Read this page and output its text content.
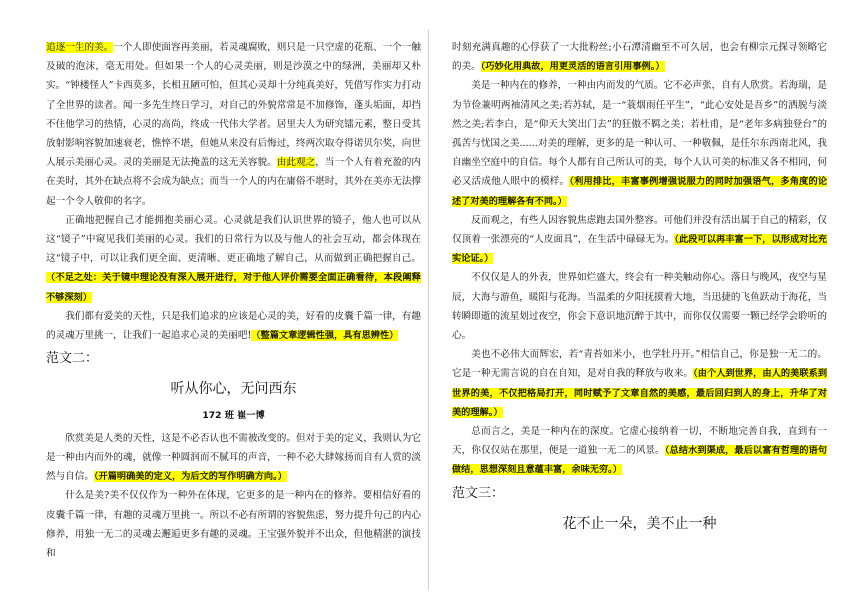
追逐一生的美。一个人即使面容再美丽，若灵魂腐败，则只是一只空虚的花瓶、一个一触及破的泡沫，毫无用处。但如果一个人的心灵美丽，则是沙漠之中的绿洲，美丽却又朴实。“钟楼怪人”卡西莫多，长相丑陋可怕，但其心灵却十分纯真美好，凭借写作实力打动了全世界的读者。闻一多先生终日学习，对自己的外貌常常是不加修饰，蓬头垢面，却挡不住他学习的热情，心灵的高尚，终成一代伟大学者。居里夫人为研究镭元素，整日受其放射影响容貌加速衰老，憔悴不堪，但她从来没有后悔过，终两次取夺得诺贝尔奖，向世人展示美丽心灵。灵的美丽是无法掩盖的这无关容貌。由此观之，当一个人有着充盈的内在美时，其外在缺点将不会成为缺点；而当一个人的内在庸俗不堪时，其外在美亦无法撑起一个令人敬仰的名字。

正确地把握自己才能拥抱美丽心灵。心灵就是我们认识世界的镜子，他人也可以从这“镜子”中窥见我们美丽的心灵。我们的日常行为以及与他人的社会互动，都会体现在这“镜子中，可以让我们更全面、更清晰、更正确地了解自己，从而做到正确把握自己。（不足之处：关于镜中理论没有深入展开进行，对于他人评价需要全面正确看待，本段阐释不够深刻）

我们都有爱美的天性，只是我们追求的应该是心灵的美，好看的皮囊千篇一律，有趣的灵魂万里挑一，让我们一起追求心灵的美丽吧!（整篇文章逻辑性强，具有思辨性）

范文二：
听从你心，无问西东
172 班 崔一博

欣赏美是人类的天性，这是不必否认也不需被改变的。但对于美的定义，我则认为它是一种由内而外的魂，就像一种圆润而不腻耳的声音，一种不必大肆嫁扬而自有人赏的淡然与自信。（开篇明确美的定义，为后文的写作明确方向。）

什么是美?美不仅仅作为一种外在体现，它更多的是一种内在的修养。要相信好看的皮囊千篇一律，有趣的灵魂万里挑一。所以不必有所谓的容貌焦虑，努力提升句己的内心修养，用独一无二的灵魂去邂逅更多有趣的灵魂。王宝强外貌并不出众，但他精湛的演技和

时刻充满真趣的心俘获了一大批粉丝;小石潭清幽至不可久居，也会有柳宗元探寻领略它的美。（巧妙化用典故，用更灵活的语言引用事例。）

美是一种内在的修养，一种由内而发的气质。它不必声张，自有人欣赏。若海瑞，是为节俭兼明两袖清风之美;若苏轼，是一“蓑烟雨任平生”，“此心安处是吾乡”的洒脱与淡然之美;若李白，是“仰天大笑出门去”的狂傲不羁之美；若杜甫，是“老年多病独登台”的孤苦与忧国之美......对美的理解，更多的是一种认可、一种敬佩，是任尔东西南北风，我自幽坐空庭中的自信。每个人都有自己所认可的美，每个人认可美的标准又各不相同，何必又活成他人眼中的模样。（利用排比，丰富事例增强说服力的同时加强语气，多角度的论述了对美的理解各有不同。）

反而观之，有些人因容貌焦虑跑去国外整容。可他们并没有活出属于自己的精彩，仅仅顶着一张漂亮的“人皮面具”，在生活中碌碌无为。（此段可以再丰富一下，以形成对比充实论证。）

不仅仅是人的外表，世界如烂盛大，终会有一种美触动你心。落日与晚风，夜空与星辰，大海与游鱼，暖阳与花海。当温柔的夕阳抚摸着大地，当迅捷的飞鱼跃动于海花，当转瞬即逝的流星划过夜空，你会下意识地沉醉于其中，而你仅仅需要一颗已经学会聆听的心。

美也不必伟大而辉宏，若“青苔如米小，也学牡丹开。”相信自己，你是独一无二的。它是一种无需言说的自在自知，是对自我的释放与收来。（由个人到世界，由人的美联系到世界的美，不仅把格局打开，同时赋予了文章自然的美感，最后回归到人的身上，升华了对美的理解。）

总而言之，美是一种内在的深度。它虚心接纳着一切，不断地完善自我，直到有一天，你仅仅站在那里，便是一道独一无二的风景。（总结水到渠成，最后以富有哲理的语句做结，思想深刻且意蕴丰富，余味无穷。）

范文三：
花不止一朵，美不止一种
